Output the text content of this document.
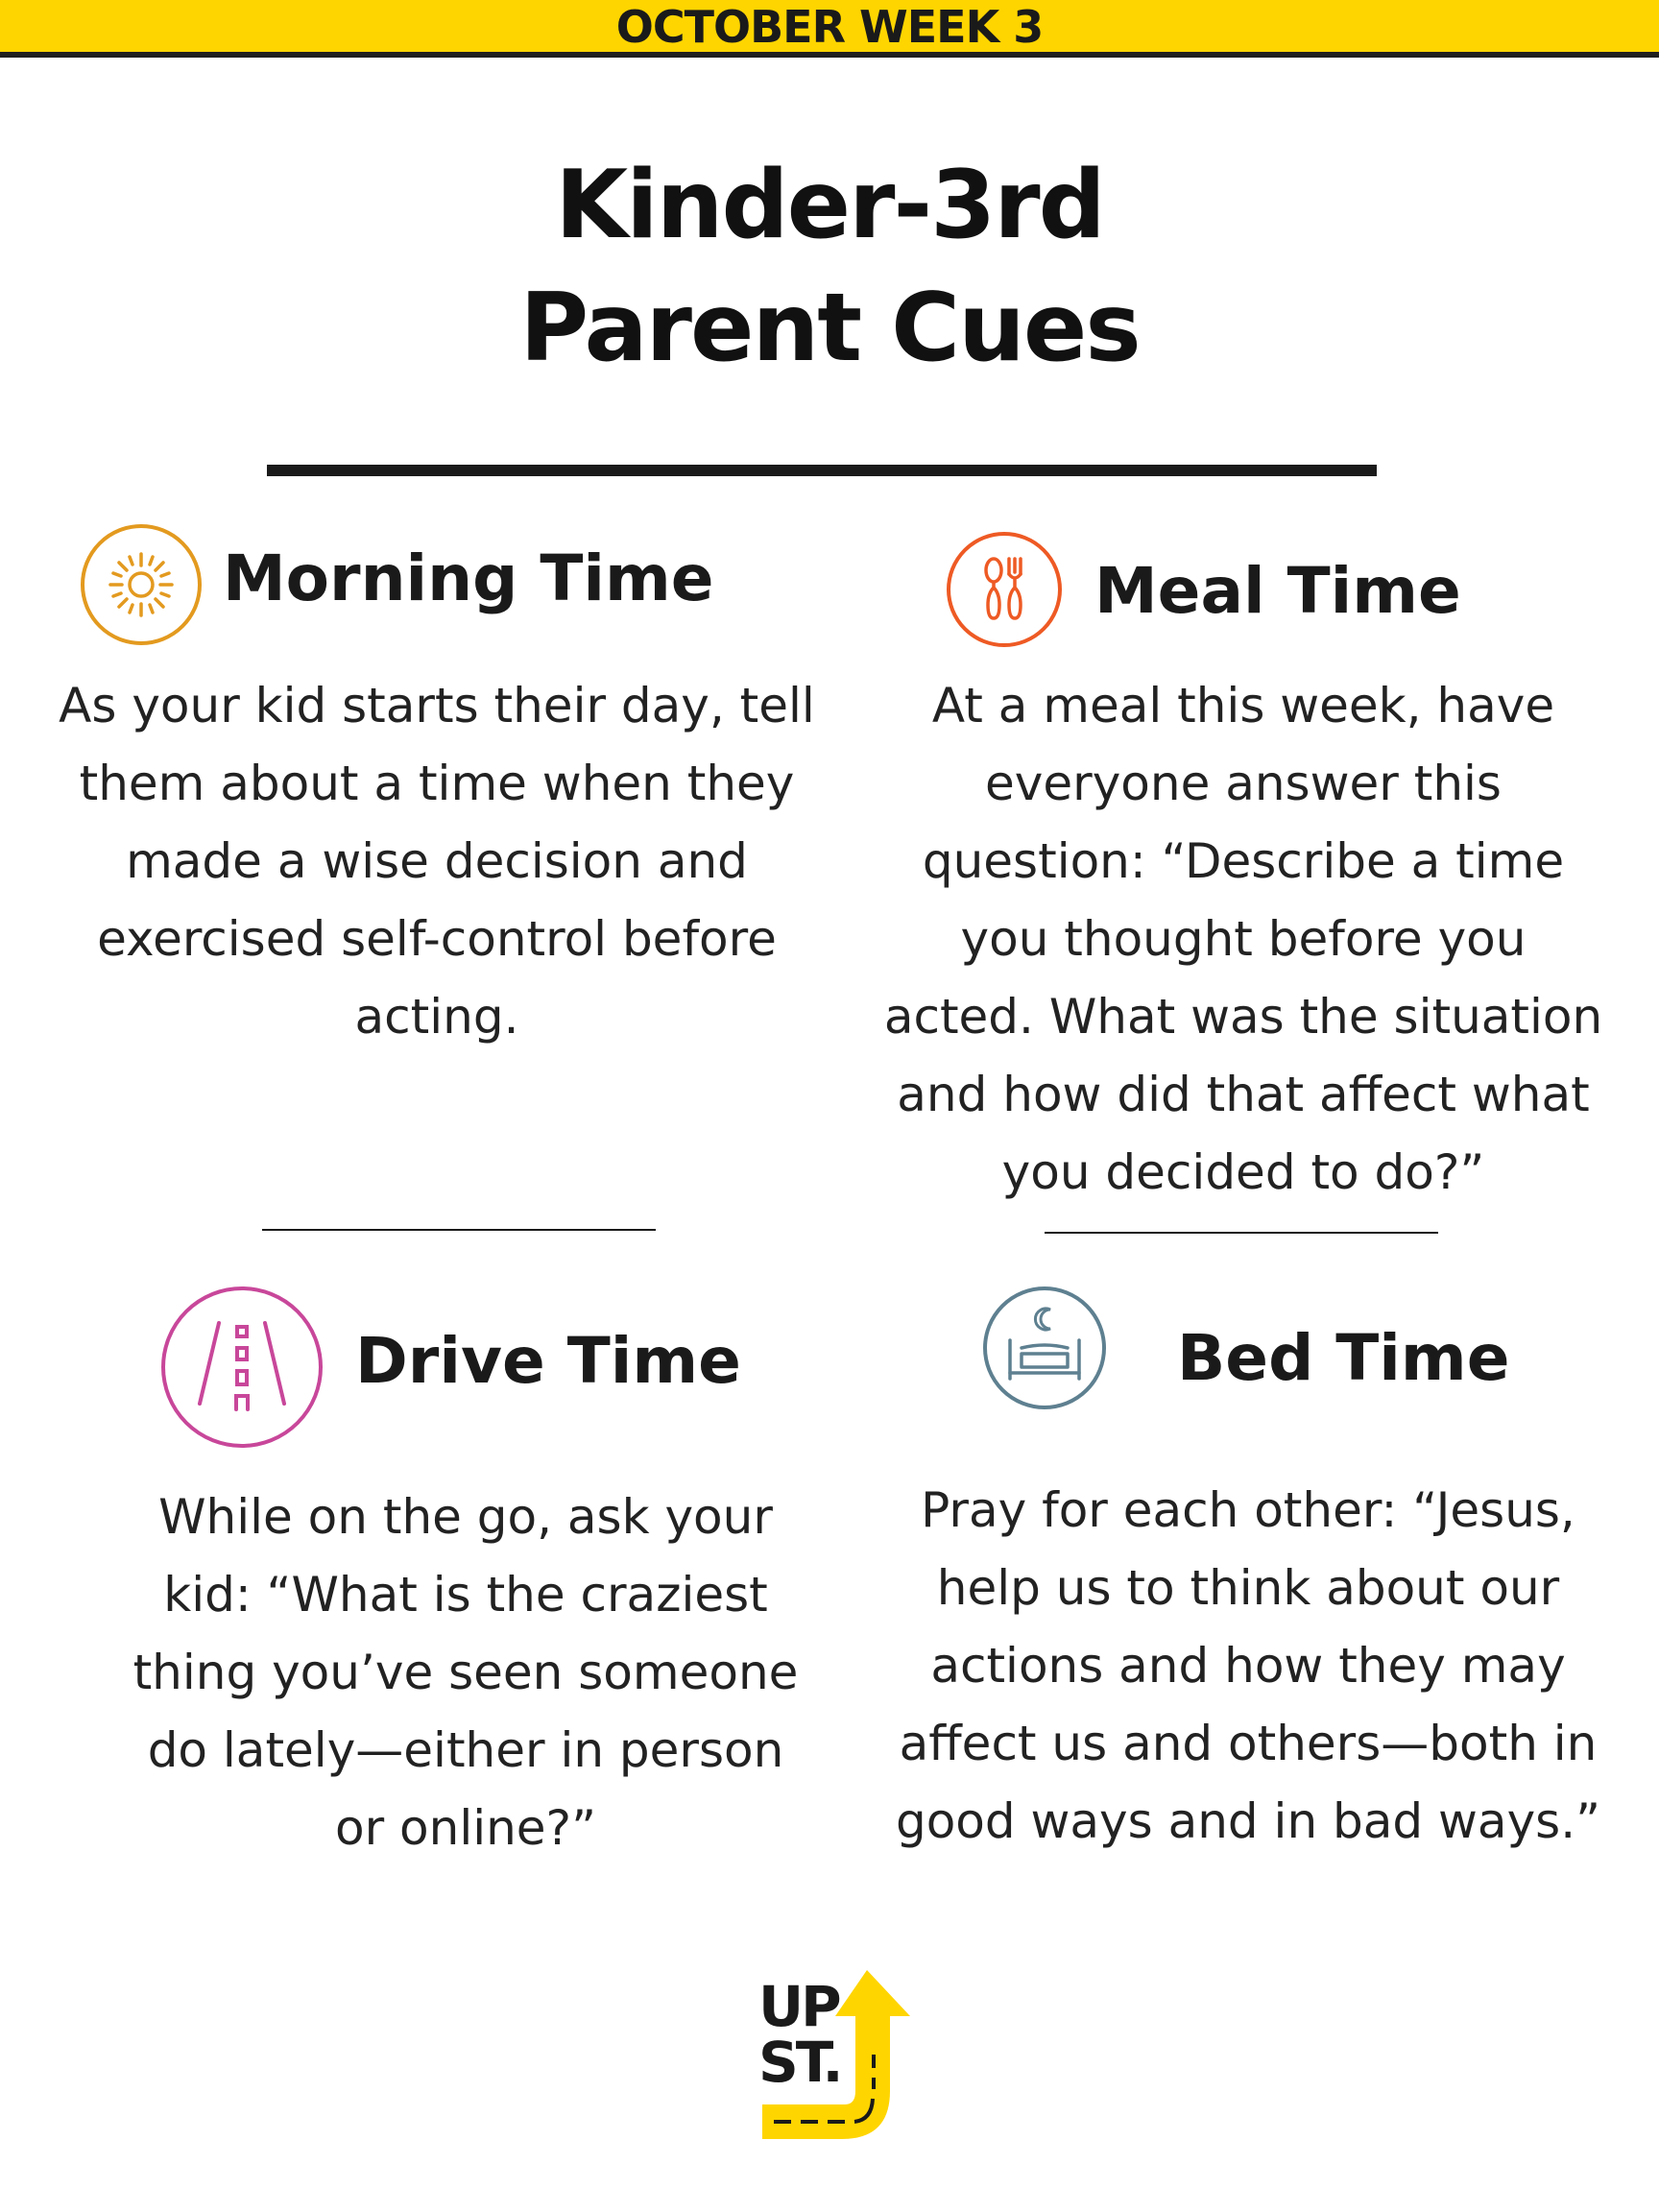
OCTOBER WEEK 3
Kinder-3rd
Parent Cues
Morning Time
As your kid starts their day, tell
them about a time when they
made a wise decision and
exercised self-control before
acting.
Meal Time
At a meal this week, have
everyone answer this
question: “Describe a time
you thought before you
acted. What was the situation
and how did that affect what
you decided to do?”
Drive Time
While on the go, ask your
kid: “What is the craziest
thing you’ve seen someone
do lately—either in person
or online?”
Bed Time
Pray for each other: “Jesus,
help us to think about our
actions and how they may
affect us and others—both in
good ways and in bad ways.”
UP
ST.
